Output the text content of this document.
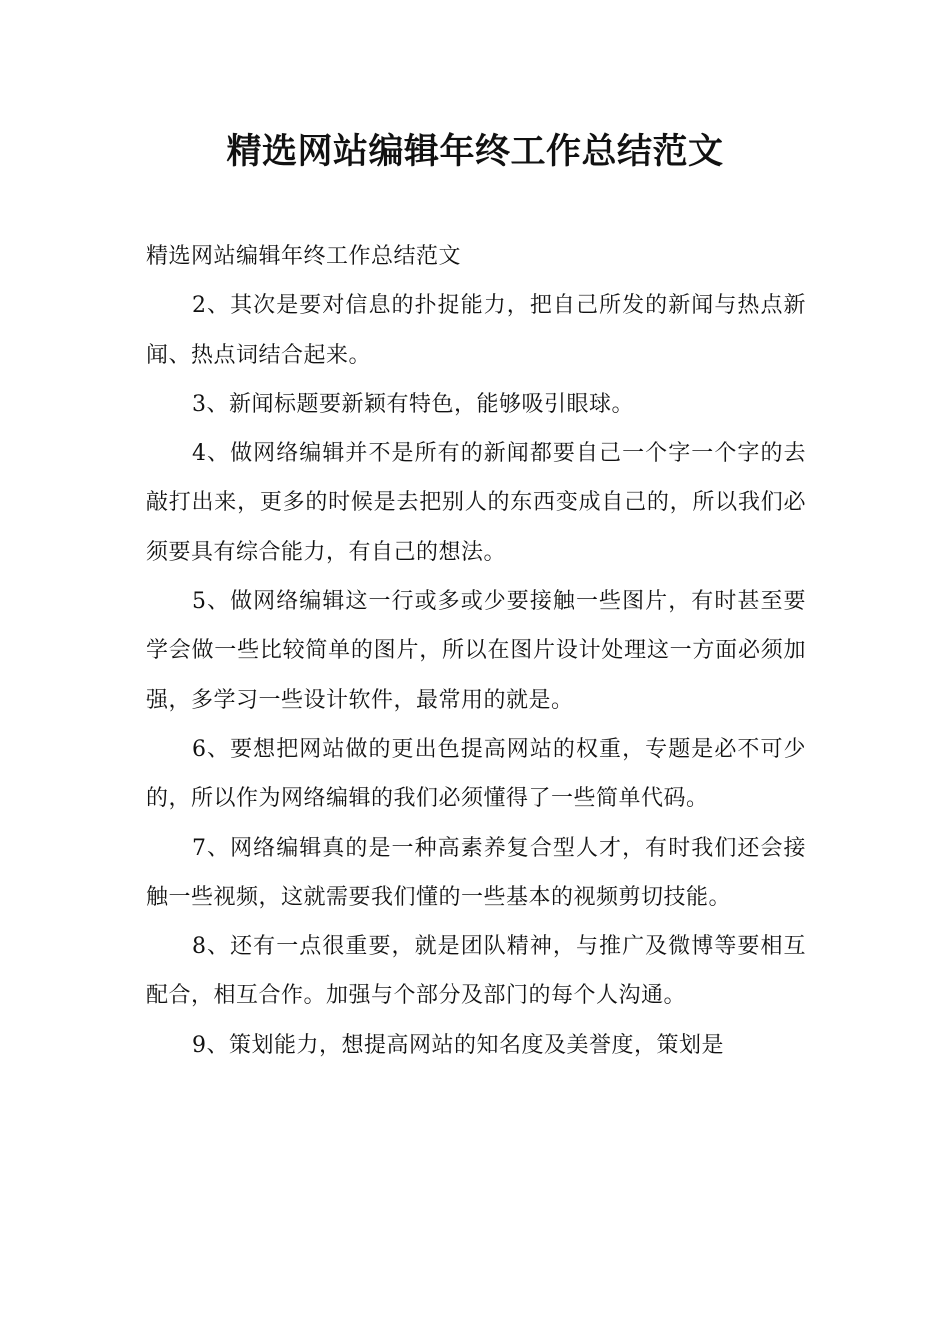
精选网站编辑年终工作总结范文

精选网站编辑年终工作总结范文

2、其次是要对信息的扑捉能力，把自己所发的新闻与热点新闻、热点词结合起来。

3、新闻标题要新颖有特色，能够吸引眼球。

4、做网络编辑并不是所有的新闻都要自己一个字一个字的去敲打出来，更多的时候是去把别人的东西变成自己的，所以我们必须要具有综合能力，有自己的想法。

5、做网络编辑这一行或多或少要接触一些图片，有时甚至要学会做一些比较简单的图片，所以在图片设计处理这一方面必须加强，多学习一些设计软件，最常用的就是。

6、要想把网站做的更出色提高网站的权重，专题是必不可少的，所以作为网络编辑的我们必须懂得了一些简单代码。

7、网络编辑真的是一种高素养复合型人才，有时我们还会接触一些视频，这就需要我们懂的一些基本的视频剪切技能。

8、还有一点很重要，就是团队精神，与推广及微博等要相互配合，相互合作。加强与个部分及部门的每个人沟通。

9、策划能力，想提高网站的知名度及美誉度，策划是
